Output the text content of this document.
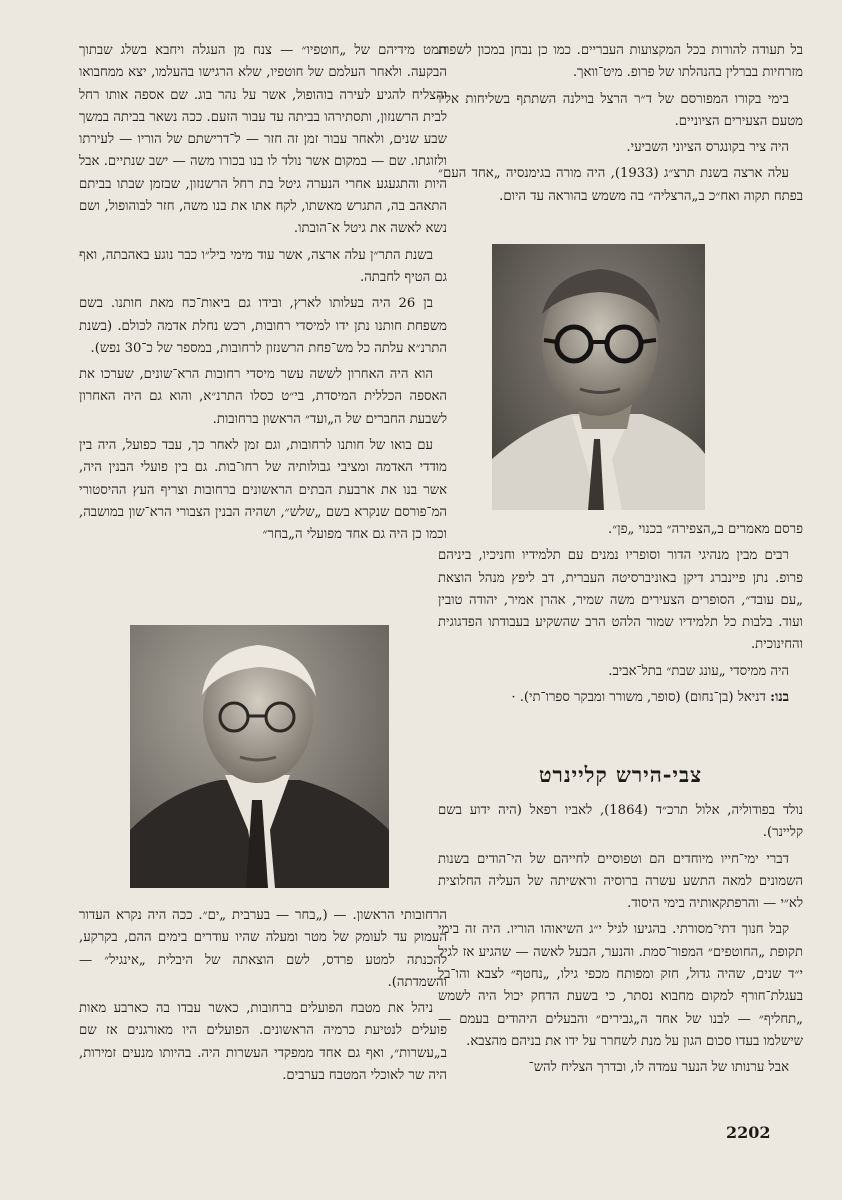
בל תעודה להורות בכל המקצועות העבריים. כמו כן נבחן במכון לשפות מזרחיות בברלין בהנהלתו של פרופ. מיט־וואך.

בימי בקורו המפורסם של ד״ר הרצל בוילנה השתתף בשליחות אליו מטעם הצעירים הציוניים.

היה ציר בקונגרס הציוני השביעי.

עלה ארצה בשנת תרצ״ג (1933), היה מורה בגימנסיה „אחד העם״ בפתח תקוה ואח״כ ב„הרצליה״ בה משמש בהוראה עד היום.

פרסם מאמרים ב„הצפירה״ בכנוי „פן״.

רבים מבין מנהיגי הדור וסופריו נמנים עם תלמידיו וחניכיו, ביניהם פרופ. נתן פיינברג דיקן באוניברסיטה העברית, דב ליפץ מנהל הוצאת „עם עובד״, הסופרים הצעירים משה שמיר, אהרן אמיר, יהודה טובין ועוד. בלבות כל תלמידיו שמור הלהט הרב שהשקיע בעבודתו הפדגוגית והחינוכית.

היה ממיסדי „עונג שבת״ בתל־אביב.

בנו: דניאל (בן־נחום) (סופר, משורר ומבקר ספרו־תי). ·

צבי-הירש קליינרט

נולד בפודוליה, אלול תרכ״ד (1864), לאביו רפאל (היה ידוע בשם קליינר).

דברי ימי־חייו מיוחדים הם וטפוסיים לחייהם של הי־הודים בשנות השמונים למאה התשע עשרה ברוסיה וראשיתה של העליה החלוצית לא״י — והרפתקאותיה בימי היסוד.

קבל חנוך דתי־מסורתי. בהגיעו לגיל י״ג השיאוהו הוריו. היה זה בימי תקופת „החוטפים״ המפור־סמת. והנער, הבעל לאשה — שהגיע אז לגיל י״ד שנים, שהיה גדול, חזק ומפותח מכפי גילו, „נחטף״ לצבא והו־בל בעגלת־חורף למקום מחבוא נסתר, כי בשעת הדחק יכול היה לשמש „תחליף״ — לבנו של אחד ה„גבירים״ והבעלים היהודים בעמם — שישלמו בעדו סכום הגון על מנת לשחרר על ידו את בניהם מהצבא.

אבל ערנותו של הנער עמדה לו, ובדרך הצליח להש־

תמט מידיהם של „חוטפיו״ — צנח מן העגלה ויחבא בשלג שבתוך הבקעה. ולאחר העלמם של חוטפיו, שלא הרגישו בהעלמו, יצא ממחבואו והצליח להגיע לעירה בוהופול, אשר על נהר בוג. שם אספה אותו רחל לבית הרשנזון, ותסתירהו בביתה עד עבור הזעם. ככה נשאר בביתה במשך שבע שנים, ולאחר עבור זמן זה חזר — ל־דרישתם של הוריו — לעירתו ולזוגתו. שם — במקום אשר נולד לו בנו בכורו משה — ישב שנתיים. אבל היות והתגעגע אחרי הנערה גיטל בת רחל הרשנזון, שבזמן שבתו בביתם התאהב בה, התגרש מאשתו, לקח אתו את בנו משה, חזר לבוהופול, ושם נשא לאשה את גיטל א־הובתו.

בשנת התר״ן עלה ארצה, אשר עוד מימי ביל״ו כבר נוגע באהבתה, ואף גם הטיף לחבתה.

בן 26 היה בעלותו לארץ, ובידו גם ביאות־כח מאת חותנו. בשם משפחת חותנו נתן ידו למיסדי רחובות, רכש נחלת אדמה לכולם. (בשנת התרנ״א עלתה כל מש־פחת הרשנזון לרחובות, במספר של כ־30 נפש).

הוא היה האחרון לששה עשר מיסדי רחובות הרא־שונים, שערכו את האספה הכללית המיסדת, בי״ט כסלו התרנ״א, והוא גם היה האחרון לשבעת החברים של ה„ועד״ הראשון ברחובות.

עם בואו של חותנו לרחובות, וגם זמן לאחר כך, עבד כפועל, היה בין מודדי האדמה ומציבי גבולותיה של רחו־בות. גם בין פועלי הבנין היה, אשר בנו את ארבעת הבתים הראשונים ברחובות וצריף העץ ההיסטורי המ־פורסם שנקרא בשם „שלש״, ושהיה הבנין הצבורי הרא־שון במושבה, וכמו כן היה גם אחד מפועלי ה„בחר״

הרחובותי הראשון. — („בחר — בערבית „ים״. ככה היה נקרא העדור העמוק עד לעומק של מטר ומעלה שהיו עודרים בימים ההם, בקרקע, להכנתה למטע פרדס, לשם הוצאתה של היבלית „אינגיל״ — והשמדתה).

ניהל את מטבח הפועלים ברחובות, כאשר עבדו בה כארבע מאות פועלים לנטיעת כרמיה הראשונים. הפועלים היו מאורגנים אז שם ב„עשרות״, ואף גם אחד ממפקדי העשרות היה. בהיותו מנעים זמירות, היה שר לאוכלי המטבח בערבים.

2202
